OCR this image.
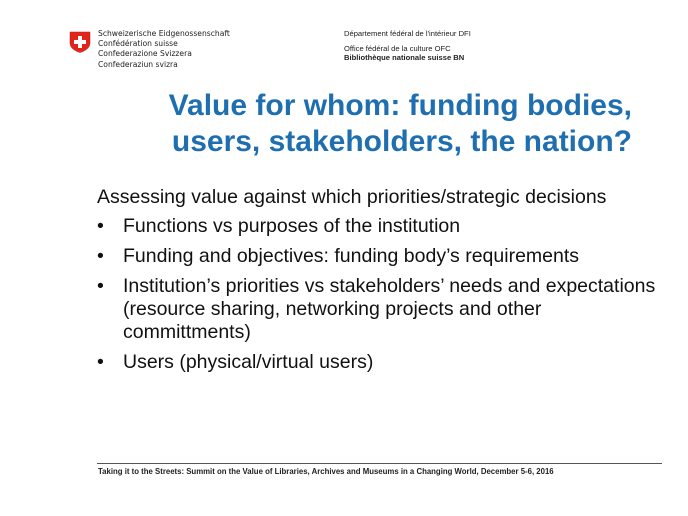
Schweizerische Eidgenossenschaft
Confédération suisse
Confederazione Svizzera
Confederaziun svizra
Département fédéral de l'intérieur DFI
Office fédéral de la culture OFC
Bibliothèque nationale suisse BN
Value for whom: funding bodies,
users, stakeholders, the nation?
Assessing value against which priorities/strategic decisions
• Functions vs purposes of the institution
• Funding and objectives: funding body’s requirements
• Institution’s priorities vs stakeholders’ needs and expectations (resource sharing, networking projects and other committments)
• Users (physical/virtual users)
Taking it to the Streets: Summit on the Value of Libraries, Archives and Museums in a Changing World, December 5-6, 2016
